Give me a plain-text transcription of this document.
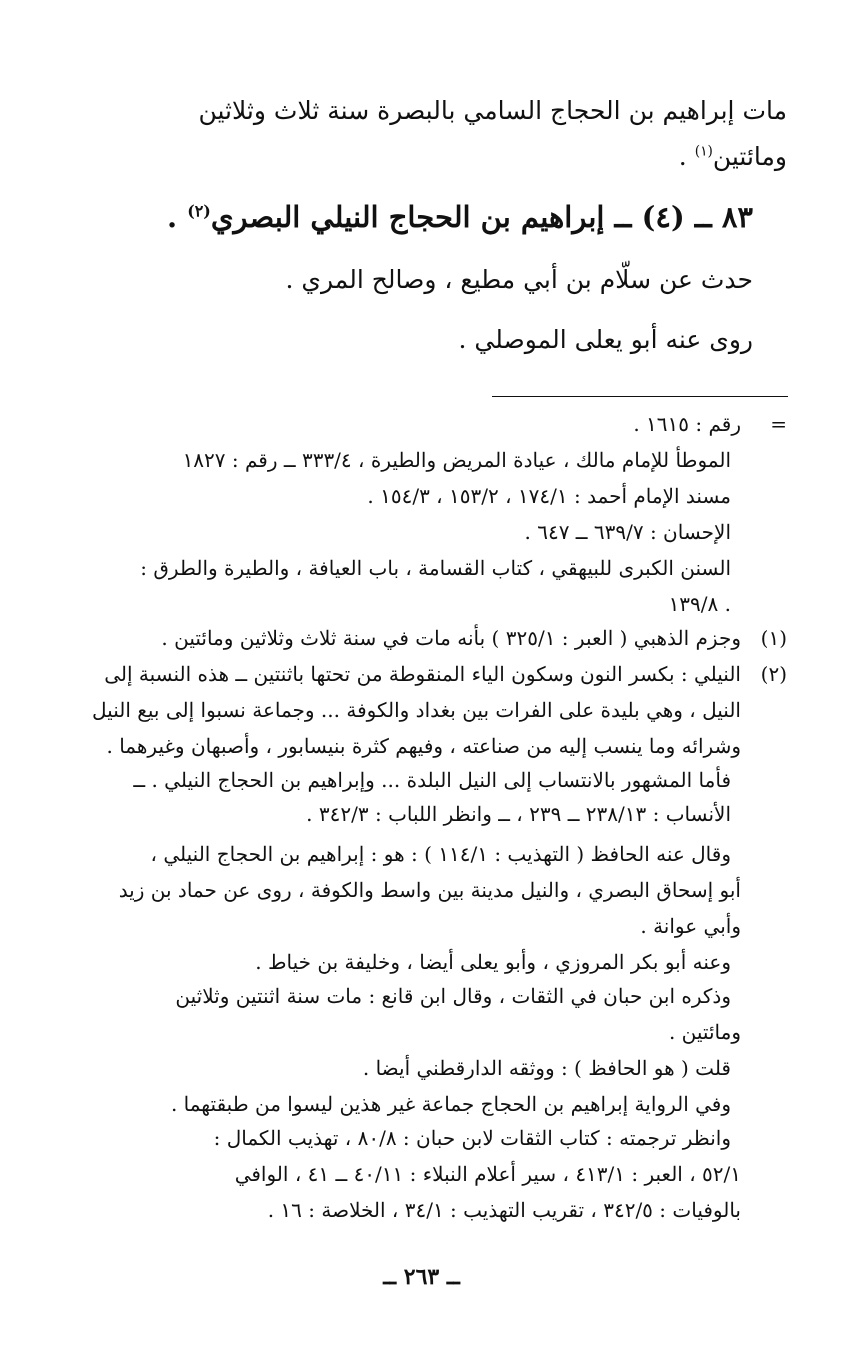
مات إبراهيم بن الحجاج السامي بالبصرة سنة ثلاث وثلاثين
ومائتين$^{(١)}$ .
٨٣ ــ (٤) ــ إبراهيم بن الحجاج النيلي البصري$^{(٢)}$ .
حدث عن سلّام بن أبي مطيع ، وصالح المري .
روى عنه أبو يعلى الموصلي .
=
(١)
(٢)
رقم : ١٦١٥ .
الموطأ للإمام مالك ، عيادة المريض والطيرة ، ٣٣٣/٤ ــ رقم : ١٨٢٧
مسند الإمام أحمد : ١٧٤/١ ، ١٥٣/٢ ، ١٥٤/٣ .
الإحسان : ٦٣٩/٧ ــ ٦٤٧ .
السنن الكبرى للبيهقي ، كتاب القسامة ، باب العيافة ، والطيرة والطرق :
١٣٩/٨ .
وجزم الذهبي ( العبر : ٣٢٥/١ ) بأنه مات في سنة ثلاث وثلاثين ومائتين .
النيلي : بكسر النون وسكون الياء المنقوطة من تحتها باثنتين ــ هذه النسبة إلى
النيل ، وهي بليدة على الفرات بين بغداد والكوفة ... وجماعة نسبوا إلى بيع النيل
وشرائه وما ينسب إليه من صناعته ، وفيهم كثرة بنيسابور ، وأصبهان وغيرهما .
فأما المشهور بالانتساب إلى النيل البلدة ... وإبراهيم بن الحجاج النيلي . ــ
الأنساب : ٢٣٨/١٣ ــ ٢٣٩ ، ــ وانظر اللباب : ٣٤٢/٣ .
وقال عنه الحافظ ( التهذيب : ١١٤/١ ) : هو : إبراهيم بن الحجاج النيلي ،
أبو إسحاق البصري ، والنيل مدينة بين واسط والكوفة ، روى عن حماد بن زيد
وأبي عوانة .
وعنه أبو بكر المروزي ، وأبو يعلى أيضا ، وخليفة بن خياط .
وذكره ابن حبان في الثقات ، وقال ابن قانع : مات سنة اثنتين وثلاثين
ومائتين .
قلت ( هو الحافظ ) : ووثقه الدارقطني أيضا .
وفي الرواية إبراهيم بن الحجاج جماعة غير هذين ليسوا من طبقتهما .
وانظر ترجمته : كتاب الثقات لابن حبان : ٨٠/٨ ، تهذيب الكمال :
٥٢/١ ، العبر : ٤١٣/١ ، سير أعلام النبلاء : ٤٠/١١ ــ ٤١ ، الوافي
بالوفيات : ٣٤٢/٥ ، تقريب التهذيب : ٣٤/١ ، الخلاصة : ١٦ .
ــ ٢٦٣ ــ
